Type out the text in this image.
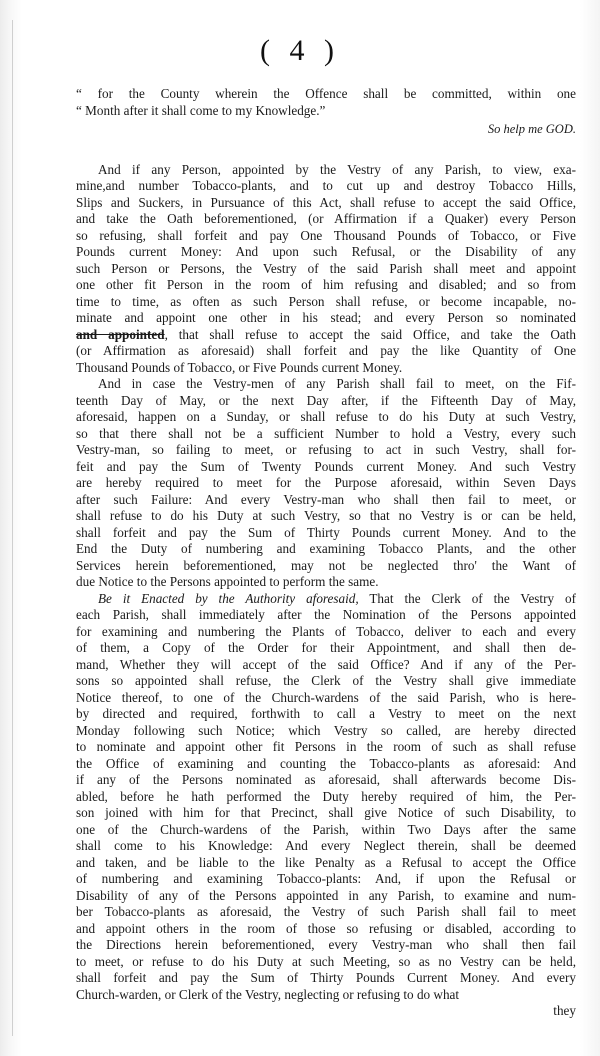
( 4 )
“ for the County wherein the Offence shall be committed, within one
“ Month after it shall come to my Knowledge.”
So help me GOD.
And if any Person, appointed by the Vestry of any Parish, to view, exa-
mine,and number Tobacco-plants, and to cut up and destroy Tobacco Hills,
Slips and Suckers, in Pursuance of this Act, shall refuse to accept the said Office,
and take the Oath beforementioned, (or Affirmation if a Quaker) every Person
so refusing, shall forfeit and pay One Thousand Pounds of Tobacco, or Five
Pounds current Money: And upon such Refusal, or the Disability of any
such Person or Persons, the Vestry of the said Parish shall meet and appoint
one other fit Person in the room of him refusing and disabled; and so from
time to time, as often as such Person shall refuse, or become incapable, no-
minate and appoint one other in his stead; and every Person so nominated
and appointed, that shall refuse to accept the said Office, and take the Oath
(or Affirmation as aforesaid) shall forfeit and pay the like Quantity of One
Thousand Pounds of Tobacco, or Five Pounds current Money.
And in case the Vestry-men of any Parish shall fail to meet, on the Fif-
teenth Day of May, or the next Day after, if the Fifteenth Day of May,
aforesaid, happen on a Sunday, or shall refuse to do his Duty at such Vestry,
so that there shall not be a sufficient Number to hold a Vestry, every such
Vestry-man, so failing to meet, or refusing to act in such Vestry, shall for-
feit and pay the Sum of Twenty Pounds current Money. And such Vestry
are hereby required to meet for the Purpose aforesaid, within Seven Days
after such Failure: And every Vestry-man who shall then fail to meet, or
shall refuse to do his Duty at such Vestry, so that no Vestry is or can be held,
shall forfeit and pay the Sum of Thirty Pounds current Money. And to the
End the Duty of numbering and examining Tobacco Plants, and the other
Services herein beforementioned, may not be neglected thro' the Want of
due Notice to the Persons appointed to perform the same.
Be it Enacted by the Authority aforesaid, That the Clerk of the Vestry of
each Parish, shall immediately after the Nomination of the Persons appointed
for examining and numbering the Plants of Tobacco, deliver to each and every
of them, a Copy of the Order for their Appointment, and shall then de-
mand, Whether they will accept of the said Office? And if any of the Per-
sons so appointed shall refuse, the Clerk of the Vestry shall give immediate
Notice thereof, to one of the Church-wardens of the said Parish, who is here-
by directed and required, forthwith to call a Vestry to meet on the next
Monday following such Notice; which Vestry so called, are hereby directed
to nominate and appoint other fit Persons in the room of such as shall refuse
the Office of examining and counting the Tobacco-plants as aforesaid: And
if any of the Persons nominated as aforesaid, shall afterwards become Dis-
abled, before he hath performed the Duty hereby required of him, the Per-
son joined with him for that Precinct, shall give Notice of such Disability, to
one of the Church-wardens of the Parish, within Two Days after the same
shall come to his Knowledge: And every Neglect therein, shall be deemed
and taken, and be liable to the like Penalty as a Refusal to accept the Office
of numbering and examining Tobacco-plants: And, if upon the Refusal or
Disability of any of the Persons appointed in any Parish, to examine and num-
ber Tobacco-plants as aforesaid, the Vestry of such Parish shall fail to meet
and appoint others in the room of those so refusing or disabled, according to
the Directions herein beforementioned, every Vestry-man who shall then fail
to meet, or refuse to do his Duty at such Meeting, so as no Vestry can be held,
shall forfeit and pay the Sum of Thirty Pounds Current Money. And every
Church-warden, or Clerk of the Vestry, neglecting or refusing to do what
they
